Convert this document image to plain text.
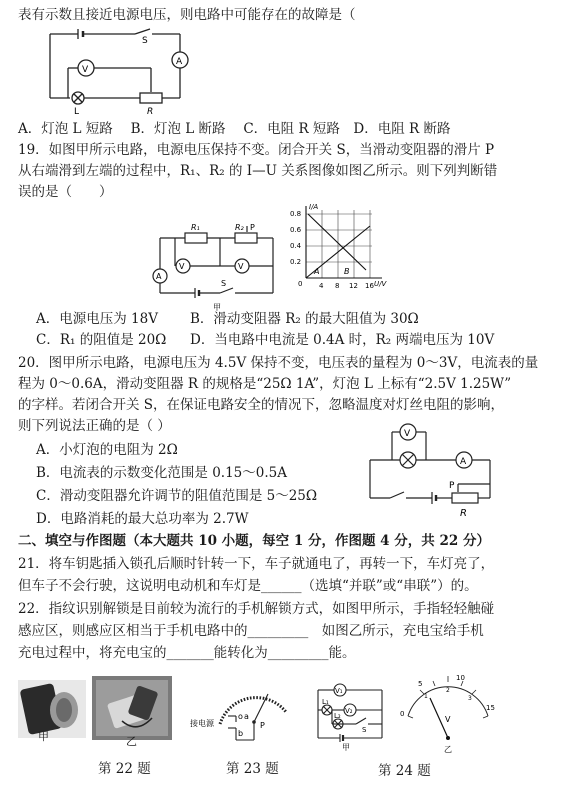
表有示数且接近电源电压，则电路中可能存在的故障是（
S
A
V
L	R
A．灯泡 L 短路　 B．灯泡 L 断路　 C．电阻 R 短路　D．电阻 R 断路
19．如图甲所示电路，电源电压保持不变。闭合开关 S，当滑动变阻器的滑片 P
从右端滑到左端的过程中，R₁、R₂ 的 I—U 关系图像如图乙所示。则下列判断错
误的是（　　）
R₁	R₂ P
V	V
A
S
甲
I/A
U/V
0.8
0.6
0.4
0.2
0 4 8 12 16
A	B
A．电源电压为 18V B．滑动变阻器 R₂ 的最大阻值为 30Ω
C．R₁ 的阻值是 20Ω D．当电路中电流是 0.4A 时，R₂ 两端电压为 10V
20．图甲所示电路，电源电压为 4.5V 保持不变，电压表的量程为 0～3V，电流表的量
程为 0～0.6A，滑动变阻器 R 的规格是“25Ω 1A”，灯泡 L 上标有“2.5V 1.25W”
的字样。若闭合开关 S，在保证电路安全的情况下，忽略温度对灯丝电阻的影响，
则下列说法正确的是（ ）
A．小灯泡的电阻为 2Ω
B．电流表的示数变化范围是 0.15～0.5A
C．滑动变阻器允许调节的阻值范围是 5～25Ω
D．电路消耗的最大总功率为 2.7W
V
A
P
R
二、填空与作图题（本大题共 10 小题，每空 1 分，作图题 4 分，共 22 分）
21．将车钥匙插入锁孔后顺时针转一下，车子就通电了，再转一下，车灯亮了，
但车子不会行驶，这说明电动机和车灯是______（选填“并联”或“串联”）的。
22．指纹识别解锁是目前较为流行的手机解锁方式，如图甲所示，手指轻轻触碰
感应区，则感应区相当于手机电路中的_________　如图乙所示，充电宝给手机
充电过程中，将充电宝的_______能转化为_________能。
甲	乙
第 22 题
接电源
o a
b
P
第 23 题
V₁
V₂
L₁
L₂
S
甲
0
5
10
15
1
2
3
V
乙
第 24 题
